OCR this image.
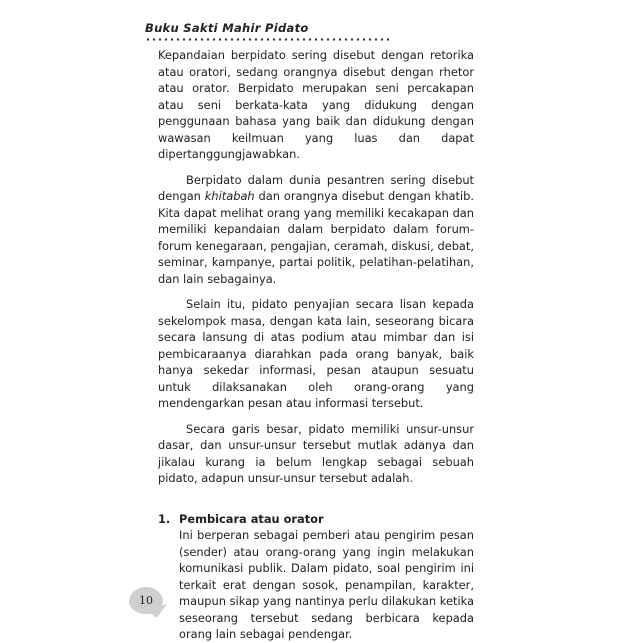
Buku Sakti Mahir Pidato

Kepandaian berpidato sering disebut dengan retorika atau oratori, sedang orangnya disebut dengan rhetor atau orator. Berpidato merupakan seni percakapan atau seni berkata-kata yang didukung dengan penggunaan bahasa yang baik dan didukung dengan wawasan keilmuan yang luas dan dapat dipertanggungjawabkan.

Berpidato dalam dunia pesantren sering disebut dengan khitabah dan orangnya disebut dengan khatib. Kita dapat melihat orang yang memiliki kecakapan dan memiliki kepandaian dalam berpidato dalam forum-forum kenegaraan, pengajian, ceramah, diskusi, debat, seminar, kampanye, partai politik, pelatihan-pelatihan, dan lain sebagainya.

Selain itu, pidato penyajian secara lisan kepada sekelompok masa, dengan kata lain, seseorang bicara secara lansung di atas podium atau mimbar dan isi pembicaraanya diarahkan pada orang banyak, baik hanya sekedar informasi, pesan ataupun sesuatu untuk dilaksanakan oleh orang-orang yang mendengarkan pesan atau informasi tersebut.

Secara garis besar, pidato memiliki unsur-unsur dasar, dan unsur-unsur tersebut mutlak adanya dan jikalau kurang ia belum lengkap sebagai sebuah pidato, adapun unsur-unsur tersebut adalah.

1. Pembicara atau orator

Ini berperan sebagai pemberi atau pengirim pesan (sender) atau orang-orang yang ingin melakukan komunikasi publik. Dalam pidato, soal pengirim ini terkait erat dengan sosok, penampilan, karakter, maupun sikap yang nantinya perlu dilakukan ketika seseorang tersebut sedang berbicara kepada orang lain sebagai pendengar.

10
